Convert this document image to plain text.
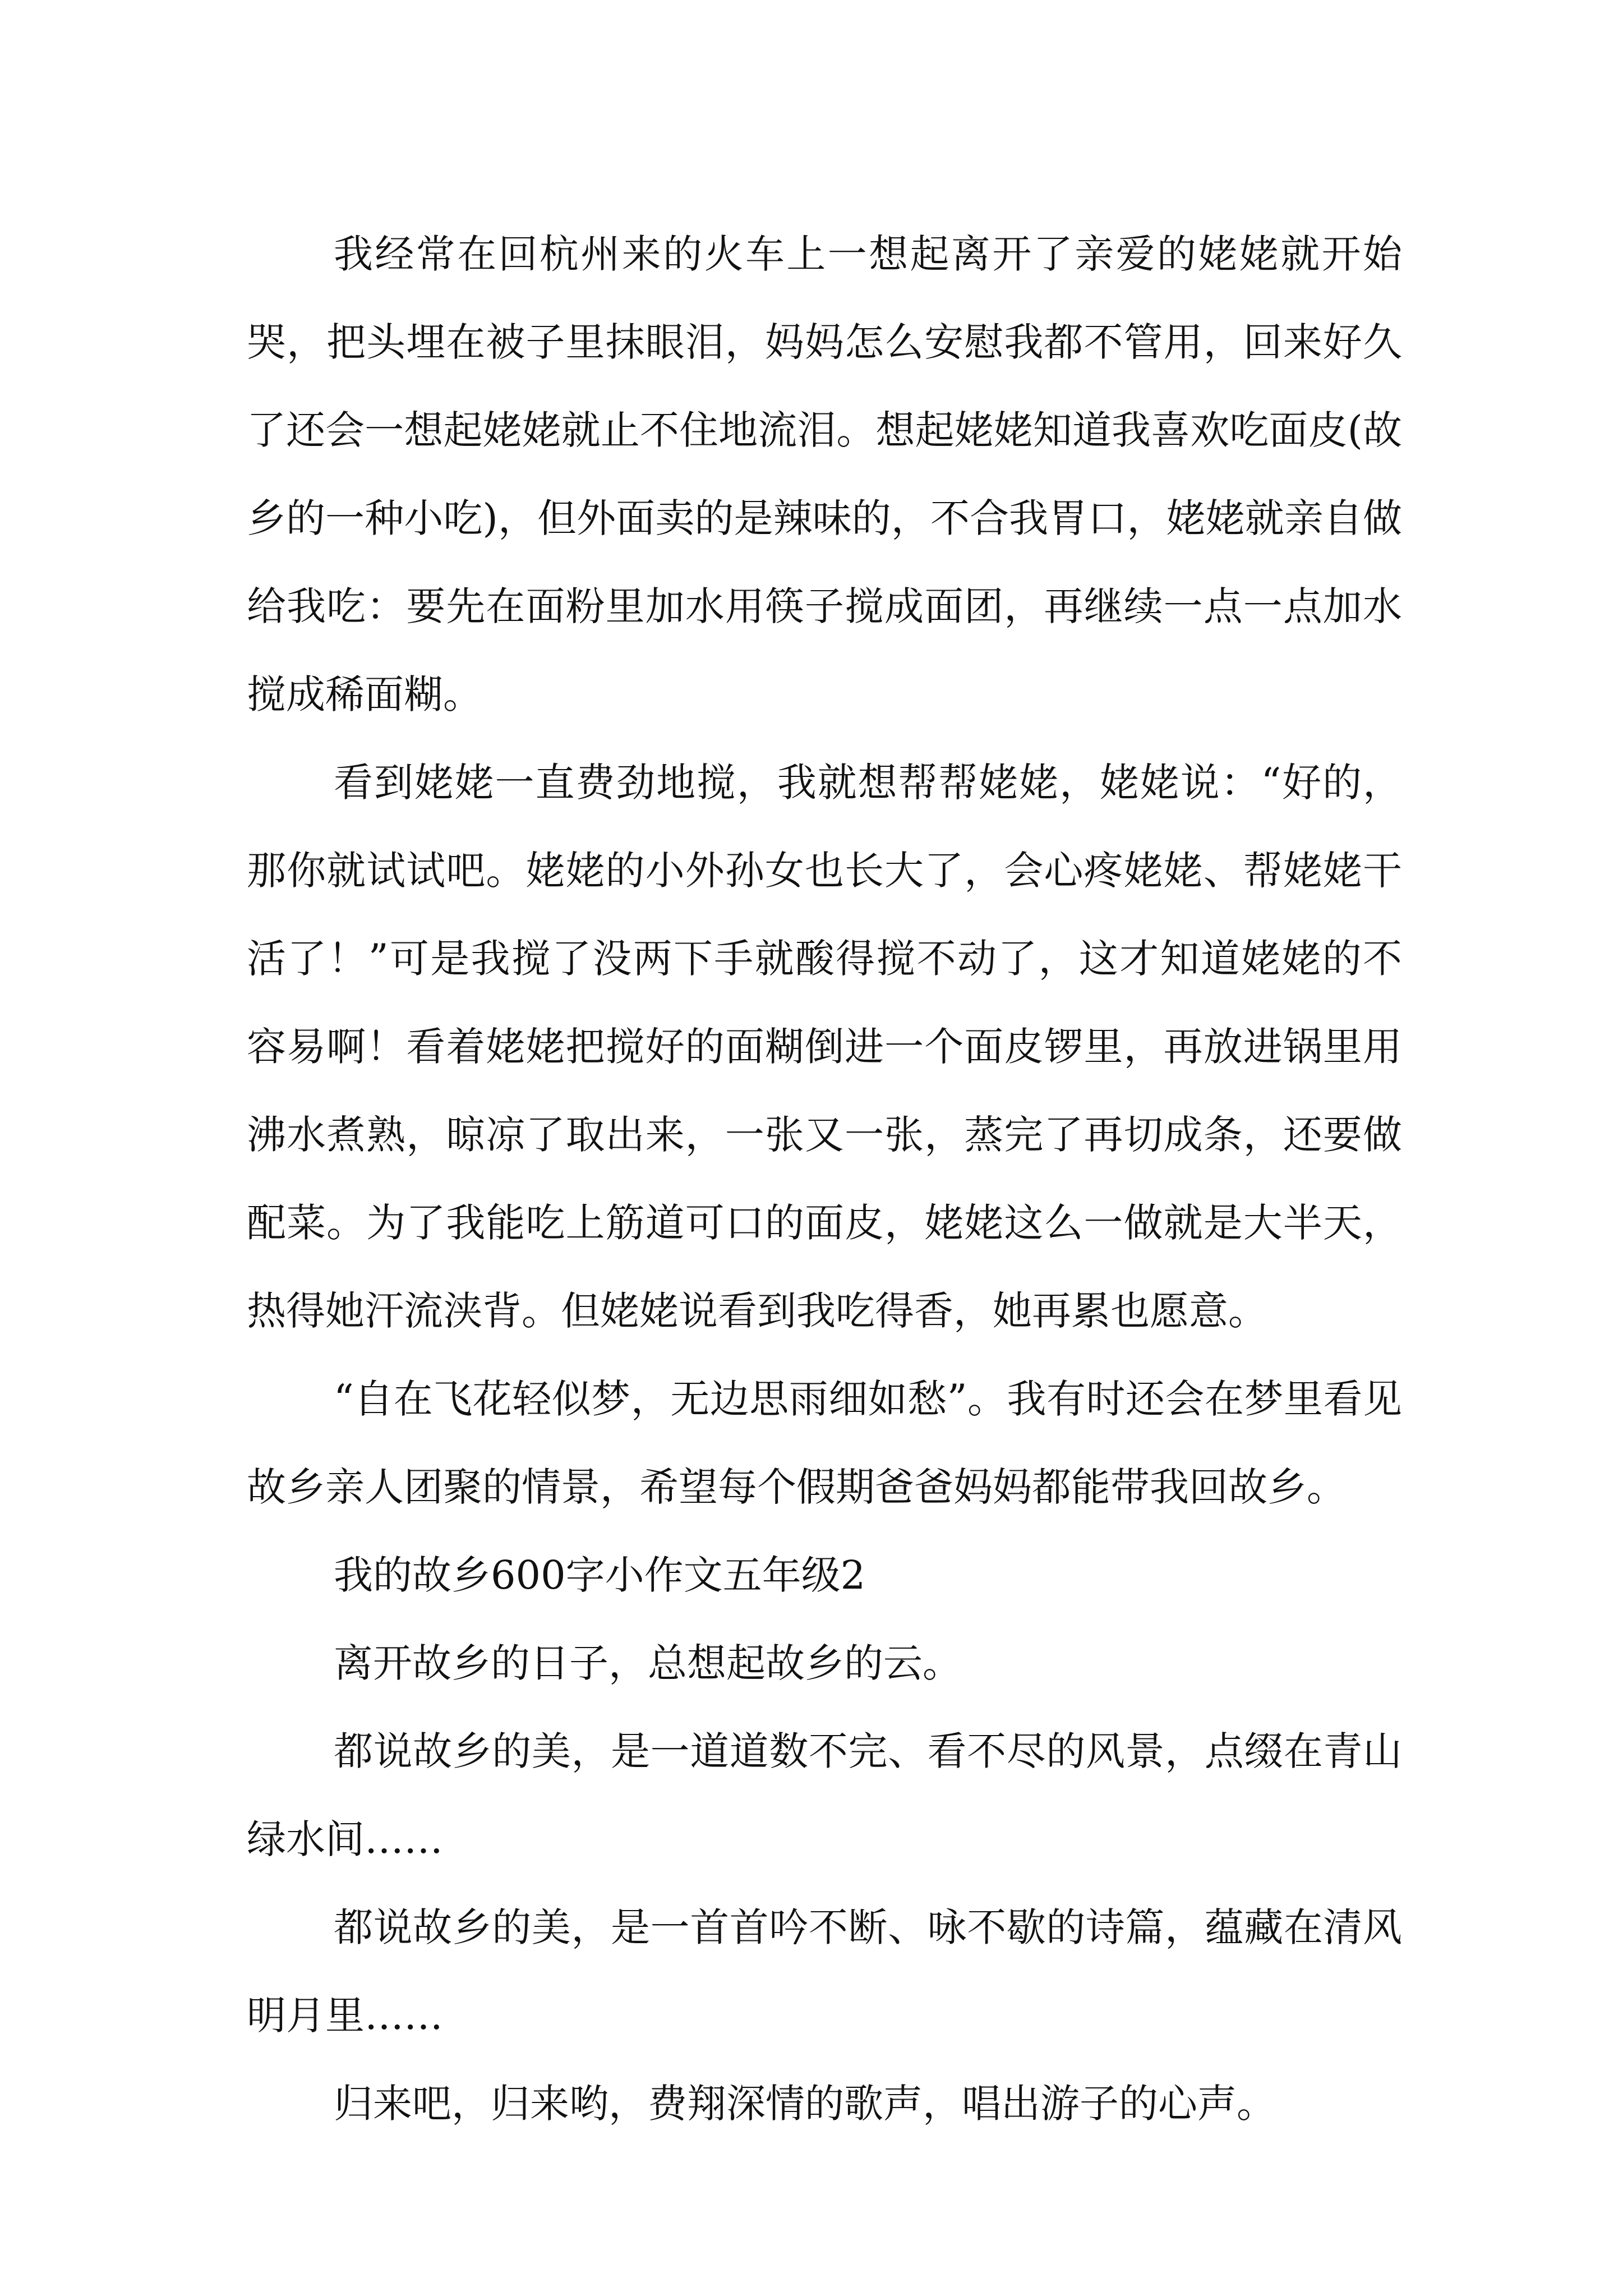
我经常在回杭州来的火车上一想起离开了亲爱的姥姥就开始哭，把头埋在被子里抹眼泪，妈妈怎么安慰我都不管用，回来好久了还会一想起姥姥就止不住地流泪。想起姥姥知道我喜欢吃面皮(故乡的一种小吃)，但外面卖的是辣味的，不合我胃口，姥姥就亲自做给我吃：要先在面粉里加水用筷子搅成面团，再继续一点一点加水搅成稀面糊。

看到姥姥一直费劲地搅，我就想帮帮姥姥，姥姥说：“好的，那你就试试吧。姥姥的小外孙女也长大了，会心疼姥姥、帮姥姥干活了！”可是我搅了没两下手就酸得搅不动了，这才知道姥姥的不容易啊！看着姥姥把搅好的面糊倒进一个面皮锣里，再放进锅里用沸水煮熟，晾凉了取出来，一张又一张，蒸完了再切成条，还要做配菜。为了我能吃上筋道可口的面皮，姥姥这么一做就是大半天，热得她汗流浃背。但姥姥说看到我吃得香，她再累也愿意。

“自在飞花轻似梦，无边思雨细如愁”。我有时还会在梦里看见故乡亲人团聚的情景，希望每个假期爸爸妈妈都能带我回故乡。

我的故乡600字小作文五年级2

离开故乡的日子，总想起故乡的云。

都说故乡的美，是一道道数不完、看不尽的风景，点缀在青山绿水间……

都说故乡的美，是一首首吟不断、咏不歇的诗篇，蕴藏在清风明月里……

归来吧，归来哟，费翔深情的歌声，唱出游子的心声。
